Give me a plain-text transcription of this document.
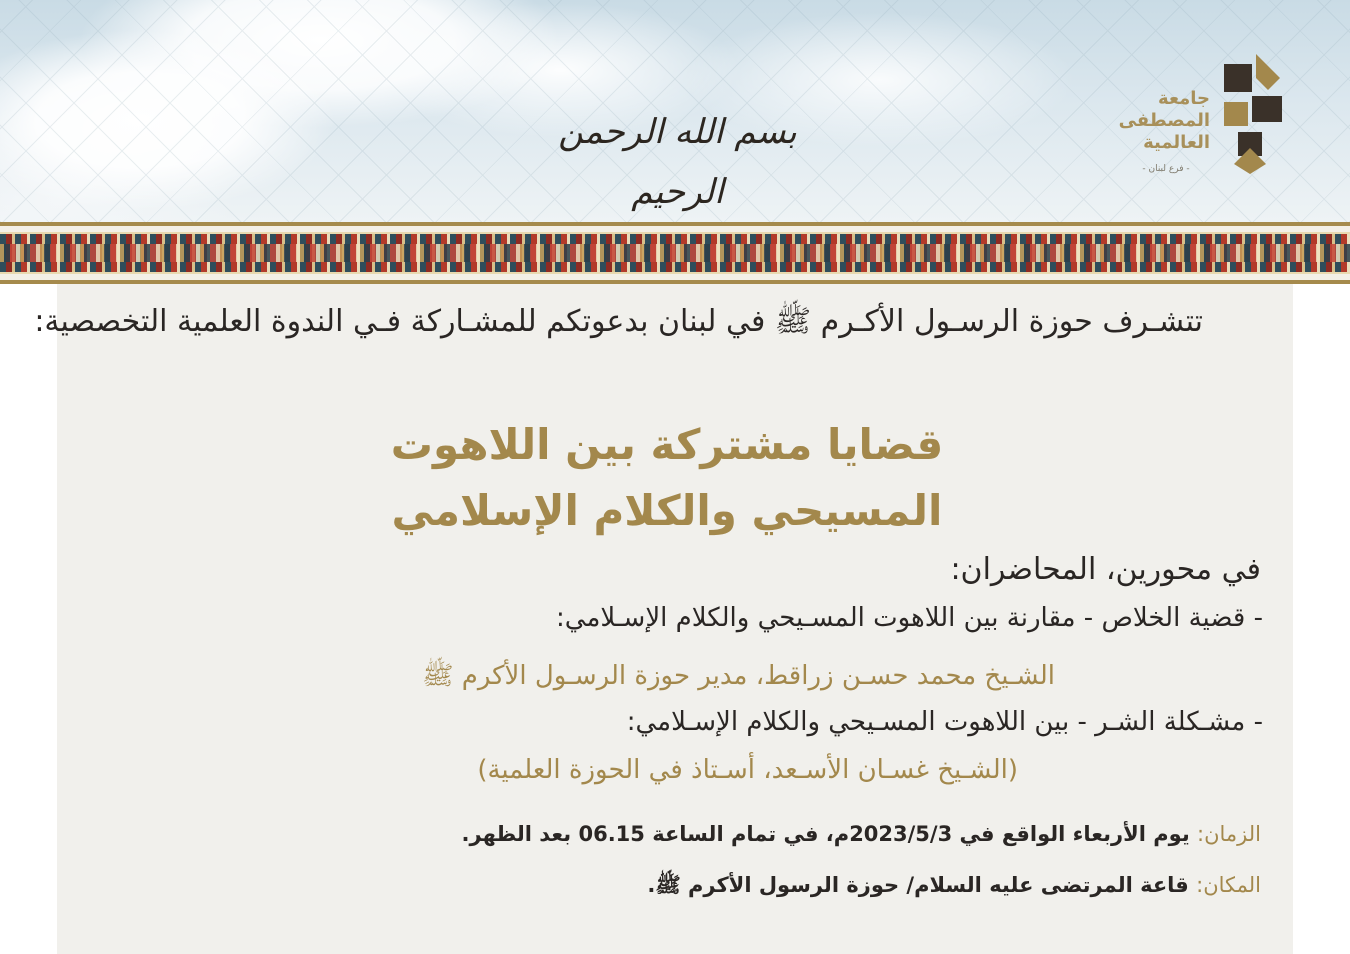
بسم الله الرحمن الرحيم
جامعة
المصطفى
العالمية
- فرع لبنان -
تتشـرف حوزة الرسـول الأكـرم ﷺ في لبنان بدعوتكم للمشـاركة فـي الندوة العلمية التخصصية:
قضايا مشتركة بين اللاهوت
المسيحي والكلام الإسلامي
في محورين، المحاضران:
- قضية الخلاص - مقارنة بين اللاهوت المسـيحي والكلام الإسـلامي:
الشـيخ محمد حسـن زراقط، مدير حوزة الرسـول الأكرم ﷺ
- مشـكلة الشـر - بين اللاهوت المسـيحي والكلام الإسـلامي:
(الشـيخ غسـان الأسـعد، أسـتاذ في الحوزة العلمية)
الزمان: يوم الأربعاء الواقع في 2023/5/3م، في تمام الساعة 06.15 بعد الظهر.
المكان: قاعة المرتضى عليه السلام/ حوزة الرسول الأكرم ﷺ.
